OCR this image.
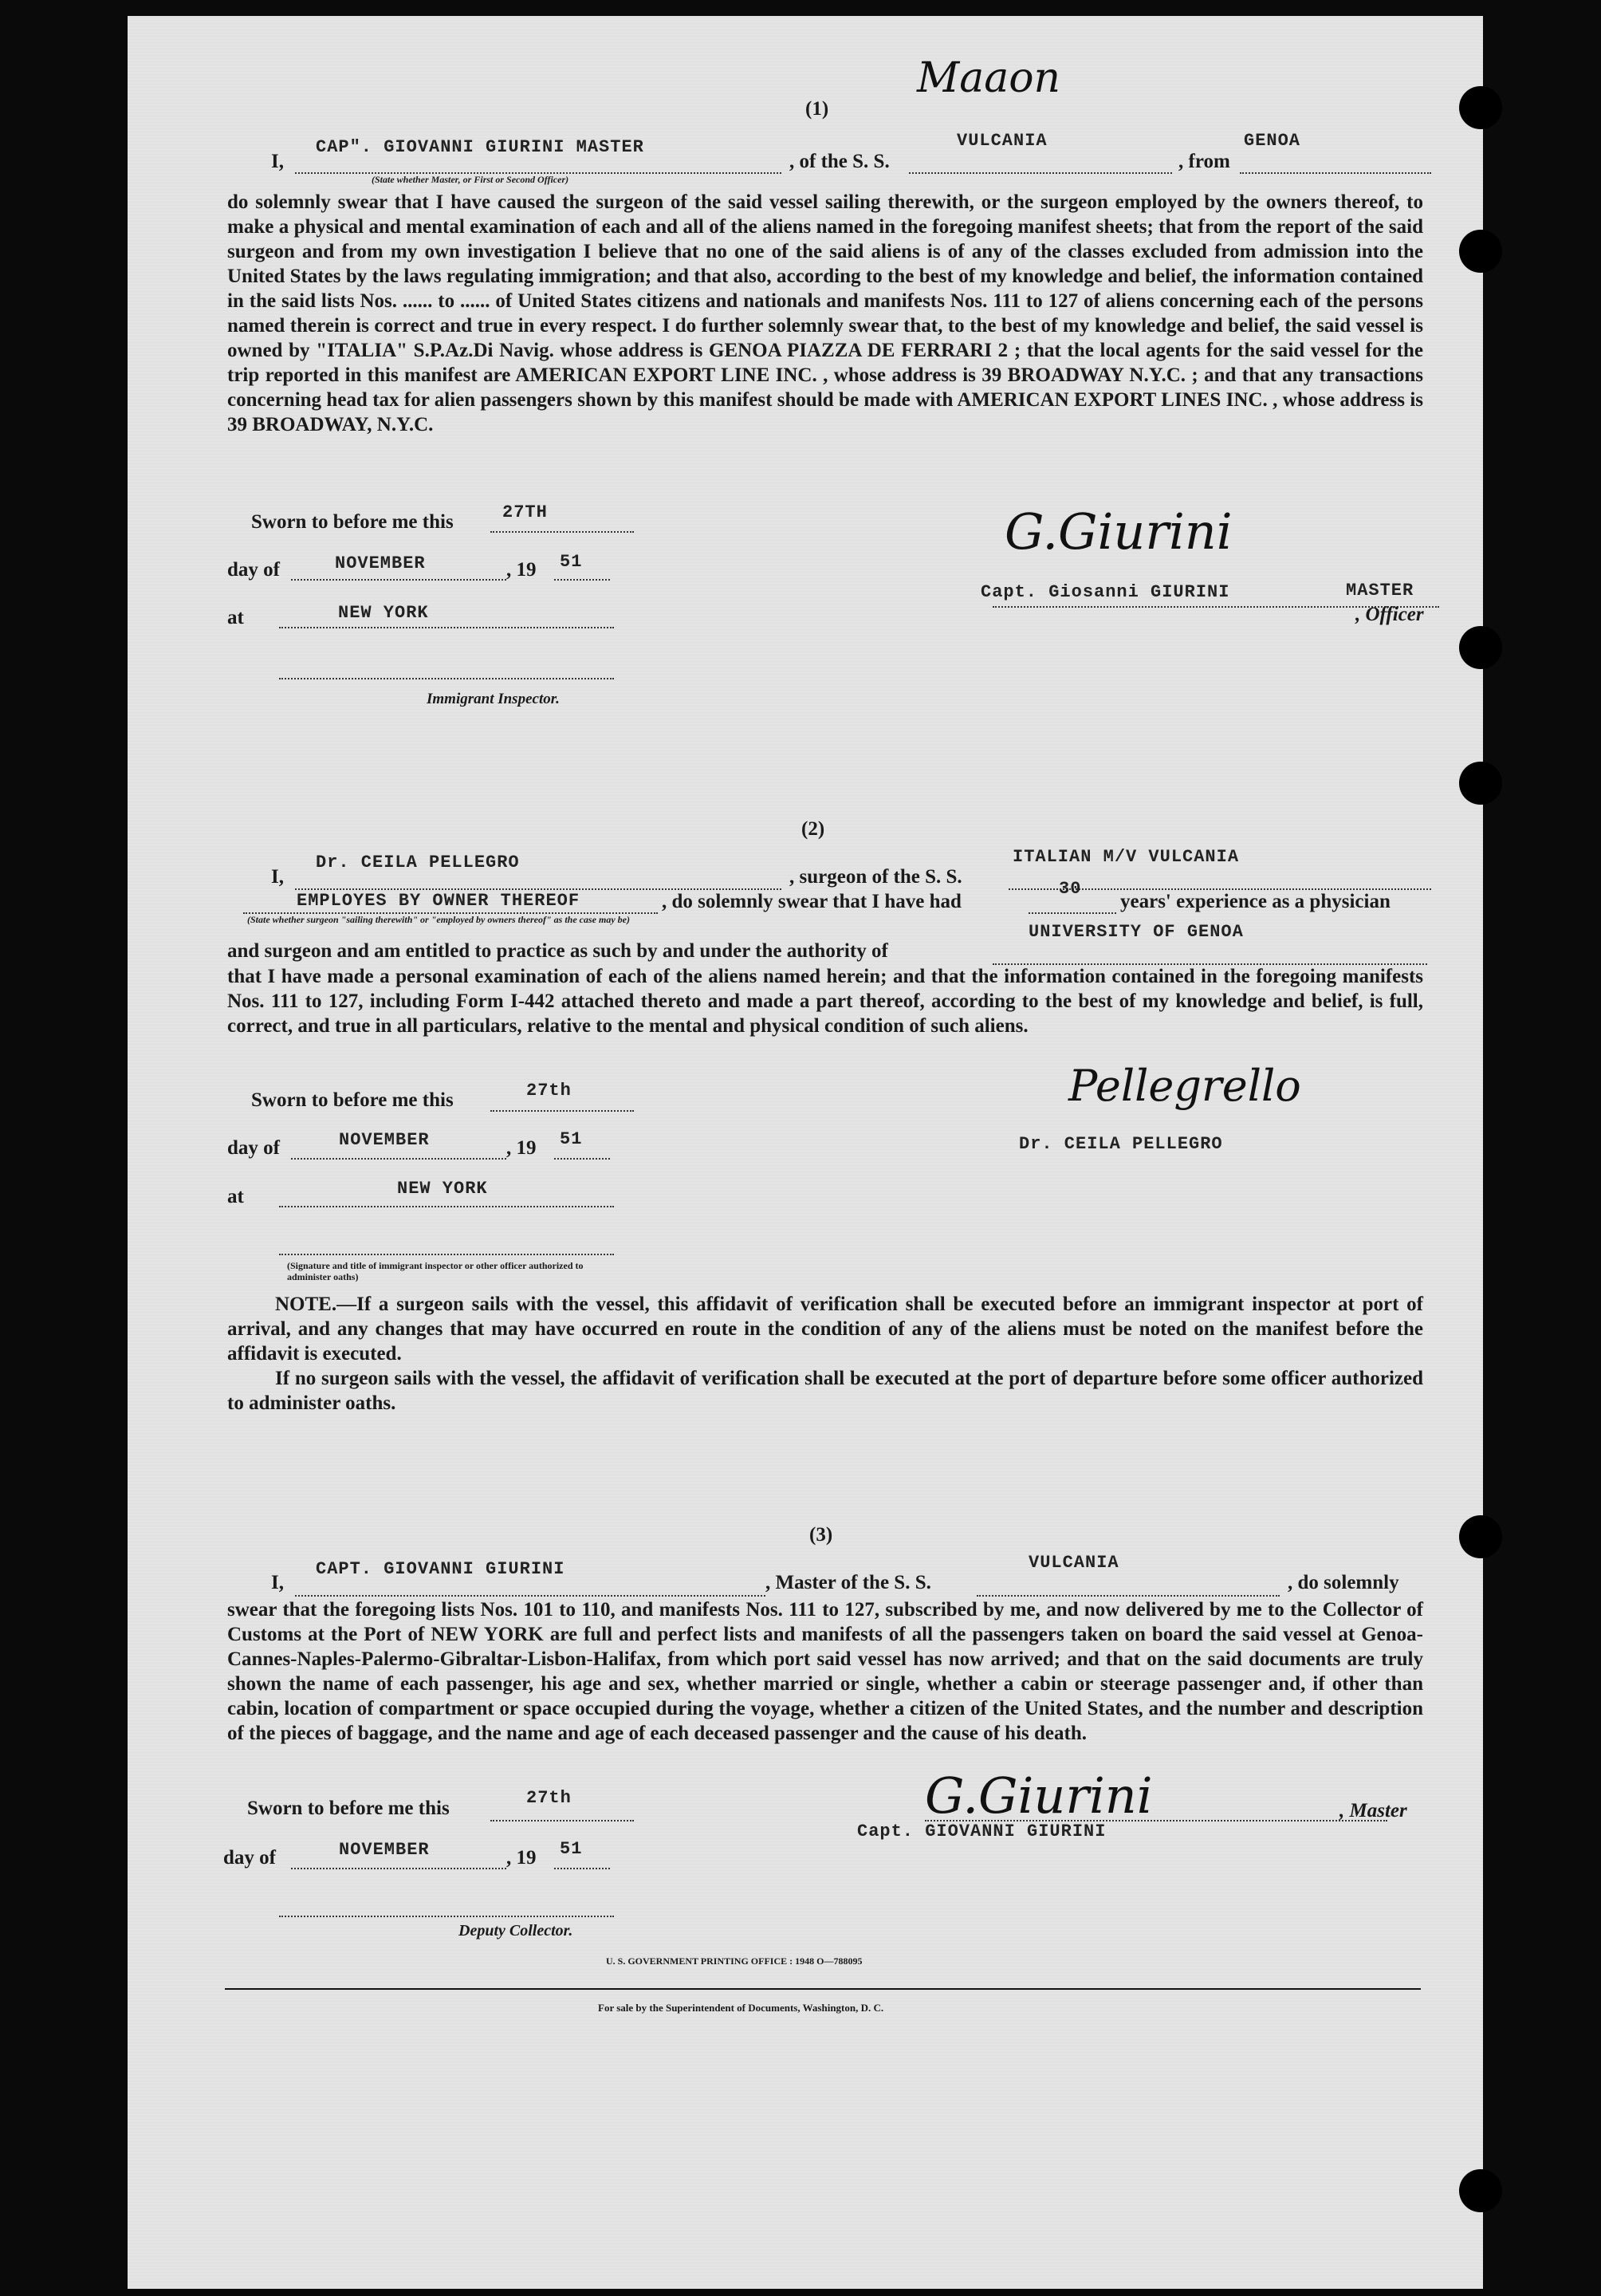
Maaon
(1)
I,
CAP". GIOVANNI GIURINI MASTER
, of the S. S.
VULCANIA
, from
GENOA
(State whether Master, or First or Second Officer)
do solemnly swear that I have caused the surgeon of the said vessel sailing therewith, or the surgeon employed by the owners thereof, to make a physical and mental examination of each and all of the aliens named in the foregoing manifest sheets; that from the report of the said surgeon and from my own investigation I believe that no one of the said aliens is of any of the classes excluded from admission into the United States by the laws regulating immigration; and that also, according to the best of my knowledge and belief, the information contained in the said lists Nos. ...... to ...... of United States citizens and nationals and manifests Nos. 111 to 127 of aliens concerning each of the persons named therein is correct and true in every respect. I do further solemnly swear that, to the best of my knowledge and belief, the said vessel is owned by "ITALIA" S.P.Az.Di Navig. whose address is GENOA PIAZZA DE FERRARI 2 ; that the local agents for the said vessel for the trip reported in this manifest are AMERICAN EXPORT LINE INC. , whose address is 39 BROADWAY N.Y.C. ; and that any transactions concerning head tax for alien passengers shown by this manifest should be made with AMERICAN EXPORT LINES INC. , whose address is 39 BROADWAY, N.Y.C.
Sworn to before me this	27TH
day of	NOVEMBER	, 19 51
at	NEW YORK
Immigrant Inspector.
G.Giurini
Capt. Giosanni GIURINI	MASTER
, Officer
(2)
I,
Dr. CEILA PELLEGRO
, surgeon of the S. S.
ITALIAN M/V VULCANIA
EMPLOYES BY OWNER THEREOF	, do solemnly swear that I have had
30
years' experience as a physician
(State whether surgeon "sailing therewith" or "employed by owners thereof" as the case may be)
and surgeon and am entitled to practice as such by and under the authority of
UNIVERSITY OF GENOA
that I have made a personal examination of each of the aliens named herein; and that the information contained in the foregoing manifests Nos. 111 to 127, including Form I-442 attached thereto and made a part thereof, according to the best of my knowledge and belief, is full, correct, and true in all particulars, relative to the mental and physical condition of such aliens.
Sworn to before me this	27th
day of	NOVEMBER	, 19 51
at	NEW YORK
(Signature and title of immigrant inspector or other officer authorized to administer oaths)
Pellegrello
Dr. CEILA PELLEGRO
NOTE.—If a surgeon sails with the vessel, this affidavit of verification shall be executed before an immigrant inspector at port of arrival, and any changes that may have occurred en route in the condition of any of the aliens must be noted on the manifest before the affidavit is executed.
If no surgeon sails with the vessel, the affidavit of verification shall be executed at the port of departure before some officer authorized to administer oaths.
(3)
I,
CAPT. GIOVANNI GIURINI
, Master of the S. S.
VULCANIA
, do solemnly
swear that the foregoing lists Nos. 101 to 110, and manifests Nos. 111 to 127, subscribed by me, and now delivered by me to the Collector of Customs at the Port of NEW YORK are full and perfect lists and manifests of all the passengers taken on board the said vessel at Genoa-Cannes-Naples-Palermo-Gibraltar-Lisbon-Halifax, from which port said vessel has now arrived; and that on the said documents are truly shown the name of each passenger, his age and sex, whether married or single, whether a cabin or steerage passenger and, if other than cabin, location of compartment or space occupied during the voyage, whether a citizen of the United States, and the number and description of the pieces of baggage, and the name and age of each deceased passenger and the cause of his death.
Sworn to before me this	27th
day of	NOVEMBER	, 19 51
Deputy Collector.
G.Giurini
Capt. GIOVANNI GIURINI
, Master
U. S. GOVERNMENT PRINTING OFFICE : 1948 O—788095
For sale by the Superintendent of Documents, Washington, D. C.
